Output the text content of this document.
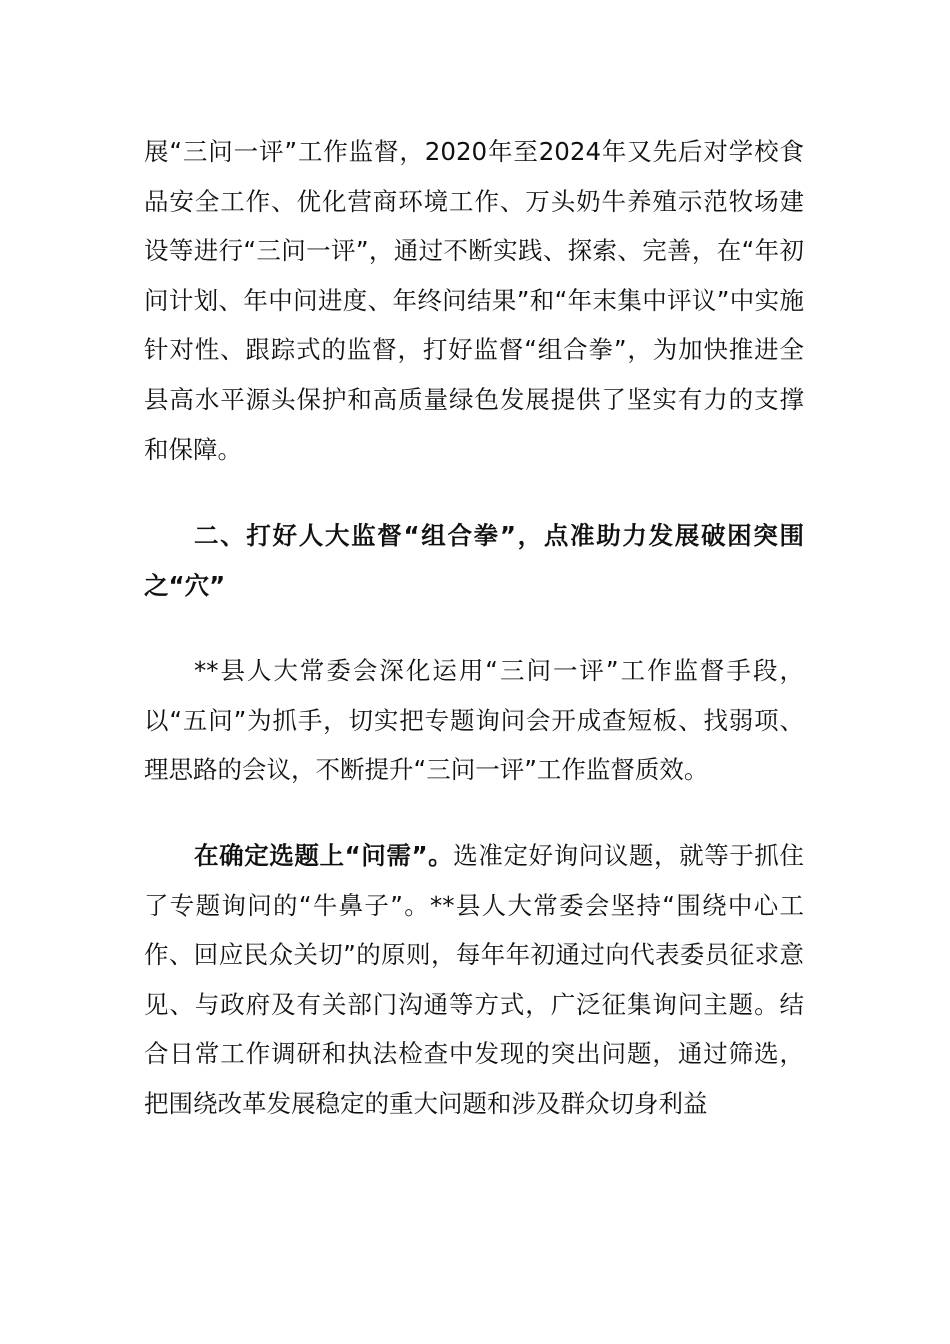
展“三问一评”工作监督，2020年至2024年又先后对学校食品安全工作、优化营商环境工作、万头奶牛养殖示范牧场建设等进行“三问一评”，通过不断实践、探索、完善，在“年初问计划、年中问进度、年终问结果”和“年末集中评议”中实施针对性、跟踪式的监督，打好监督“组合拳”，为加快推进全县高水平源头保护和高质量绿色发展提供了坚实有力的支撑和保障。

二、打好人大监督“组合拳”，点准助力发展破困突围之“穴”

**县人大常委会深化运用“三问一评”工作监督手段，以“五问”为抓手，切实把专题询问会开成查短板、找弱项、理思路的会议，不断提升“三问一评”工作监督质效。

在确定选题上“问需”。选准定好询问议题，就等于抓住了专题询问的“牛鼻子”。**县人大常委会坚持“围绕中心工作、回应民众关切”的原则，每年年初通过向代表委员征求意见、与政府及有关部门沟通等方式，广泛征集询问主题。结合日常工作调研和执法检查中发现的突出问题，通过筛选，把围绕改革发展稳定的重大问题和涉及群众切身利益
